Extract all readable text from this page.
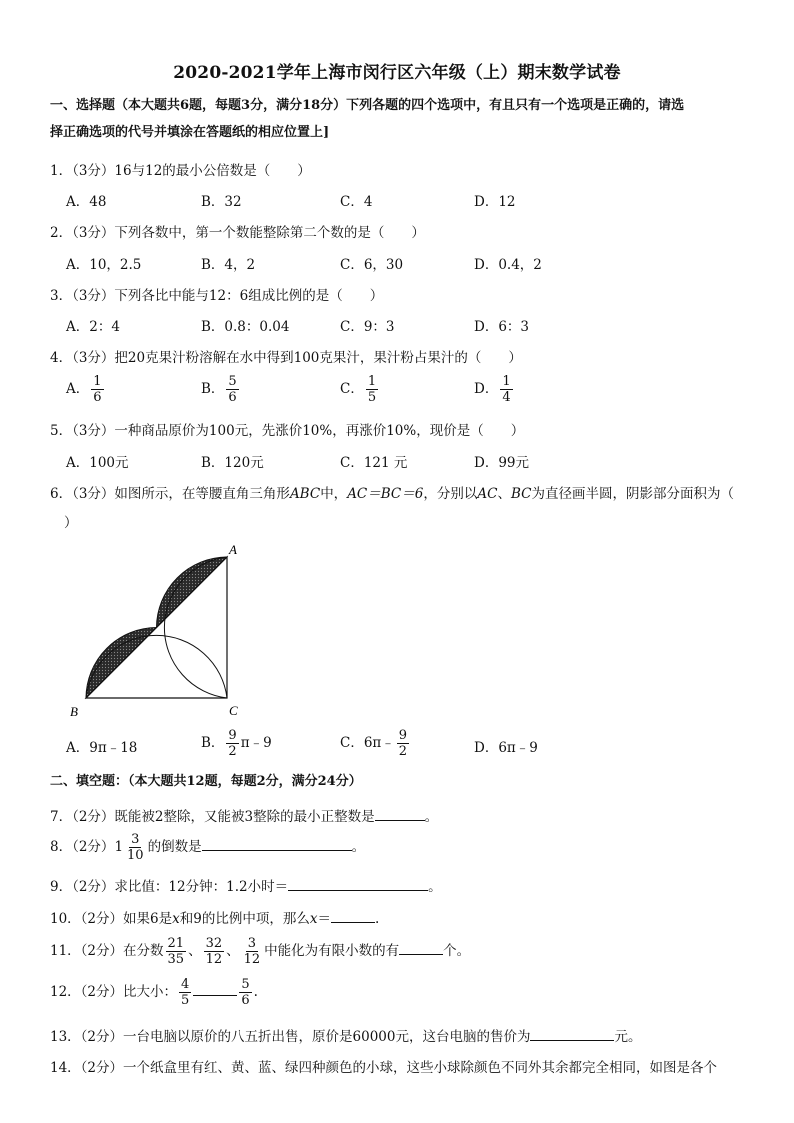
2020-2021学年上海市闵行区六年级（上）期末数学试卷
一、选择题（本大题共6题，每题3分，满分18分）下列各题的四个选项中，有且只有一个选项是正确的，请选
择正确选项的代号并填涂在答题纸的相应位置上]
1．（3分）16与12的最小公倍数是（　　）
A．48	B．32	C．4	D．12
2．（3分）下列各数中，第一个数能整除第二个数的是（　　）
A．10，2.5	B．4，2	C．6，30	D．0.4，2
3．（3分）下列各比中能与12：6组成比例的是（　　）
A．2：4	B．0.8：0.04	C．9：3	D．6：3
4．（3分）把20克果汁粉溶解在水中得到100克果汁，果汁粉占果汁的（　　）
A． $\frac{1}{6}$	B． $\frac{5}{6}$	C． $\frac{1}{5}$	D． $\frac{1}{4}$
5．（3分）一种商品原价为100元，先涨价10%，再涨价10%，现价是（　　）
A．100元	B．120元	C．121 元	D．99元
6．（3分）如图所示，在等腰直角三角形ABC中，AC＝BC＝6，分别以AC、BC为直径画半圆，阴影部分面积为（
）
A
B	C
A．9π﹣18	B． $\frac{9}{2}$ π﹣9	C．6π﹣ $\frac{9}{2}$	D．6π﹣9
二、填空题：（本大题共12题，每题2分，满分24分）
7．（2分）既能被2整除，又能被3整除的最小正整数是	。
8．（2分）$1 \frac{3}{10}$ 的倒数是	。
9．（2分）求比值：12分钟：1.2小时＝	。
10．（2分）如果6是x和9的比例中项，那么x＝	.
11．（2分）在分数 $\frac{21}{35}$ 、 $\frac{32}{12}$ 、 $\frac{3}{12}$ 中能化为有限小数的有	个。
12．（2分）比大小： $\frac{4}{5}$	$\frac{5}{6}$ .
13．（2分）一台电脑以原价的八五折出售，原价是60000元，这台电脑的售价为	元。
14．（2分）一个纸盒里有红、黄、蓝、绿四种颜色的小球，这些小球除颜色不同外其余都完全相同，如图是各个
